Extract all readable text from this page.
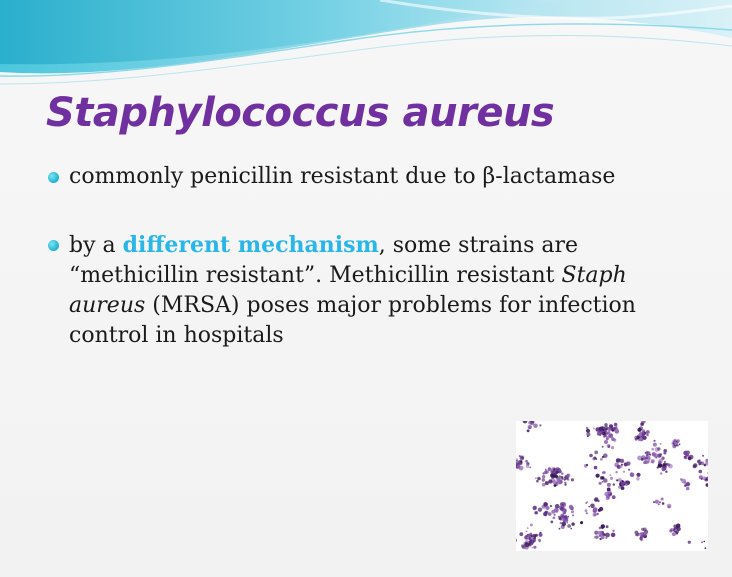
Staphylococcus aureus
commonly penicillin resistant due to β-lactamase
by a different mechanism, some strains are “methicillin resistant”. Methicillin resistant Staph aureus (MRSA) poses major problems for infection control in hospitals
